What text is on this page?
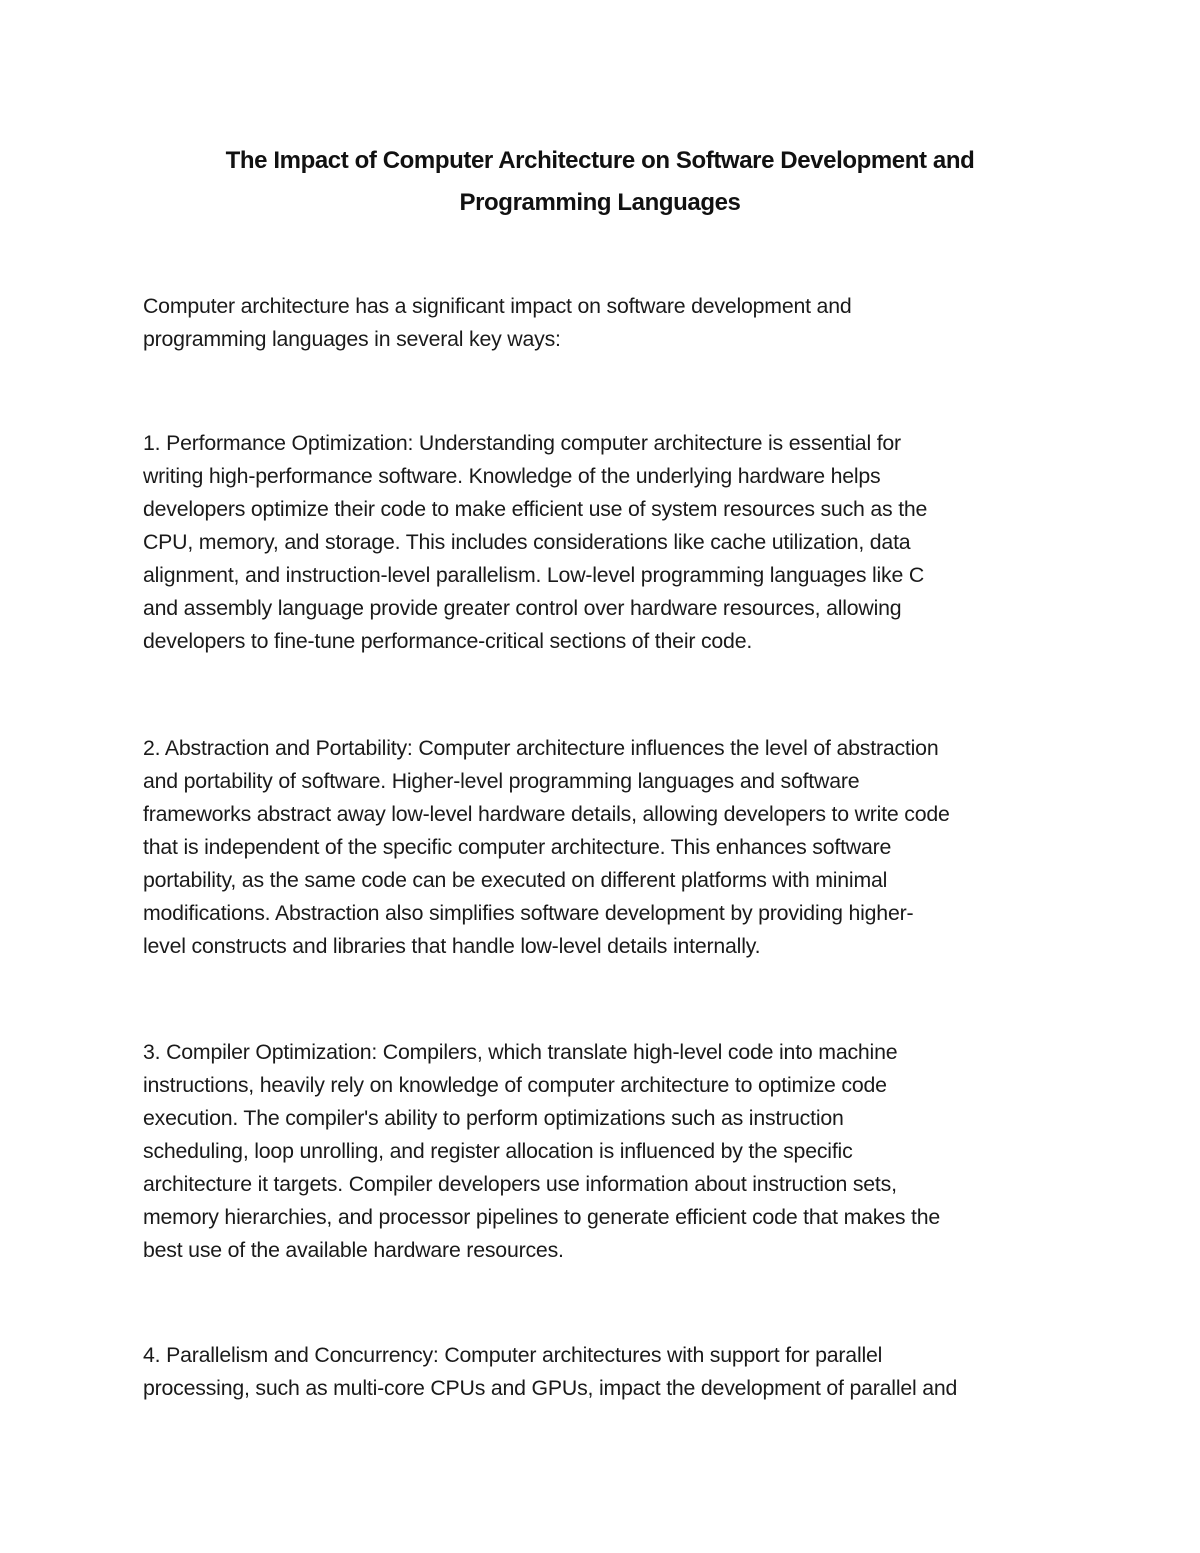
The Impact of Computer Architecture on Software Development and
Programming Languages

Computer architecture has a significant impact on software development and
programming languages in several key ways:

1. Performance Optimization: Understanding computer architecture is essential for
writing high-performance software. Knowledge of the underlying hardware helps
developers optimize their code to make efficient use of system resources such as the
CPU, memory, and storage. This includes considerations like cache utilization, data
alignment, and instruction-level parallelism. Low-level programming languages like C
and assembly language provide greater control over hardware resources, allowing
developers to fine-tune performance-critical sections of their code.

2. Abstraction and Portability: Computer architecture influences the level of abstraction
and portability of software. Higher-level programming languages and software
frameworks abstract away low-level hardware details, allowing developers to write code
that is independent of the specific computer architecture. This enhances software
portability, as the same code can be executed on different platforms with minimal
modifications. Abstraction also simplifies software development by providing higher-
level constructs and libraries that handle low-level details internally.

3. Compiler Optimization: Compilers, which translate high-level code into machine
instructions, heavily rely on knowledge of computer architecture to optimize code
execution. The compiler's ability to perform optimizations such as instruction
scheduling, loop unrolling, and register allocation is influenced by the specific
architecture it targets. Compiler developers use information about instruction sets,
memory hierarchies, and processor pipelines to generate efficient code that makes the
best use of the available hardware resources.

4. Parallelism and Concurrency: Computer architectures with support for parallel
processing, such as multi-core CPUs and GPUs, impact the development of parallel and
